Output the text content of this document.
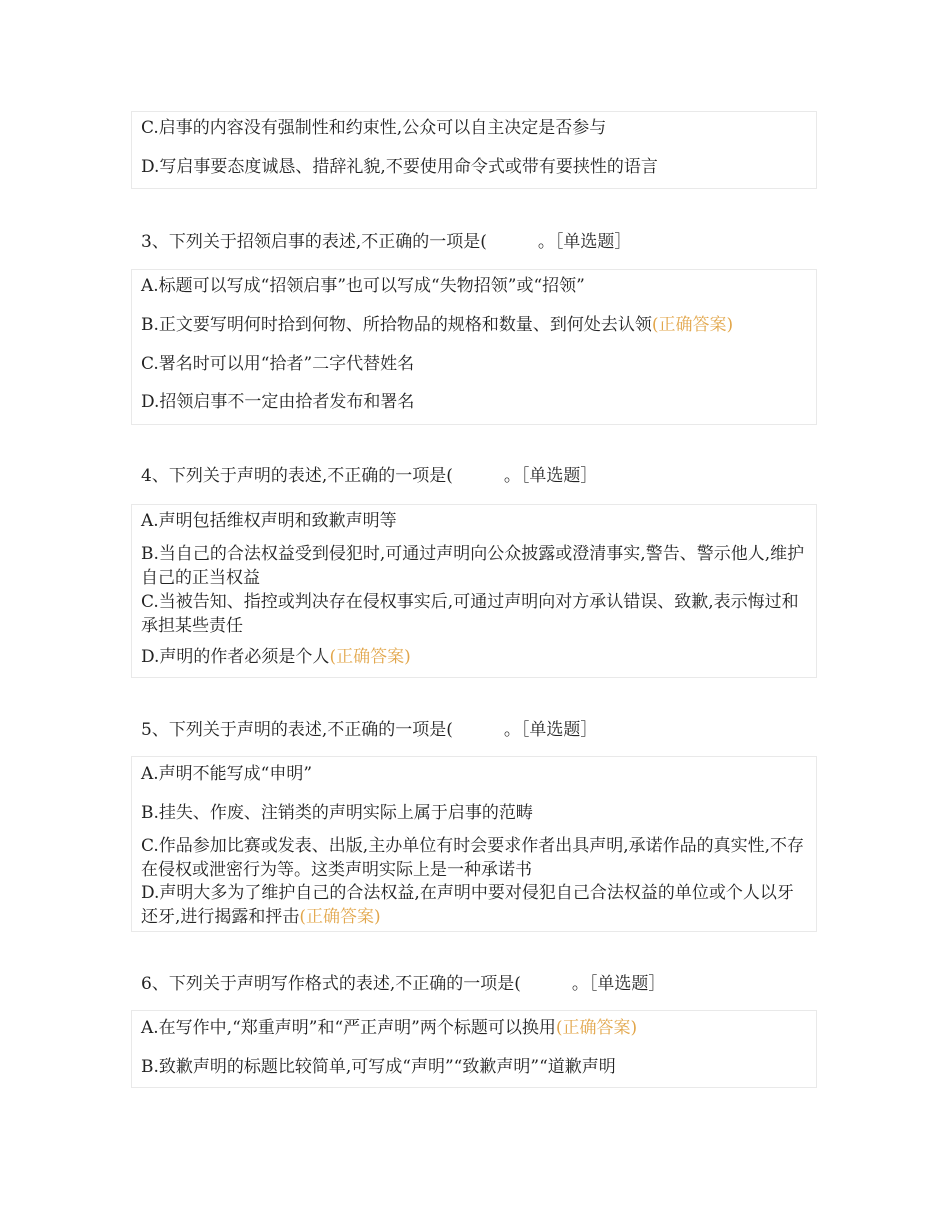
C.启事的内容没有强制性和约束性,公众可以自主决定是否参与
D.写启事要态度诚恳、措辞礼貌,不要使用命令式或带有要挟性的语言
3、下列关于招领启事的表述,不正确的一项是(　　　。［单选题］
A.标题可以写成“招领启事”也可以写成“失物招领”或“招领”
B.正文要写明何时拾到何物、所拾物品的规格和数量、到何处去认领(正确答案)
C.署名时可以用“拾者”二字代替姓名
D.招领启事不一定由拾者发布和署名
4、下列关于声明的表述,不正确的一项是(　　　。［单选题］
A.声明包括维权声明和致歉声明等
B.当自己的合法权益受到侵犯时,可通过声明向公众披露或澄清事实,警告、警示他人,维护自己的正当权益
C.当被告知、指控或判决存在侵权事实后,可通过声明向对方承认错误、致歉,表示悔过和承担某些责任
D.声明的作者必须是个人(正确答案)
5、下列关于声明的表述,不正确的一项是(　　　。［单选题］
A.声明不能写成“申明”
B.挂失、作废、注销类的声明实际上属于启事的范畴
C.作品参加比赛或发表、出版,主办单位有时会要求作者出具声明,承诺作品的真实性,不存在侵权或泄密行为等。这类声明实际上是一种承诺书
D.声明大多为了维护自己的合法权益,在声明中要对侵犯自己合法权益的单位或个人以牙还牙,进行揭露和抨击(正确答案)
6、下列关于声明写作格式的表述,不正确的一项是(　　　。［单选题］
A.在写作中,“郑重声明”和“严正声明”两个标题可以换用(正确答案)
B.致歉声明的标题比较简单,可写成“声明”“致歉声明”“道歉声明
